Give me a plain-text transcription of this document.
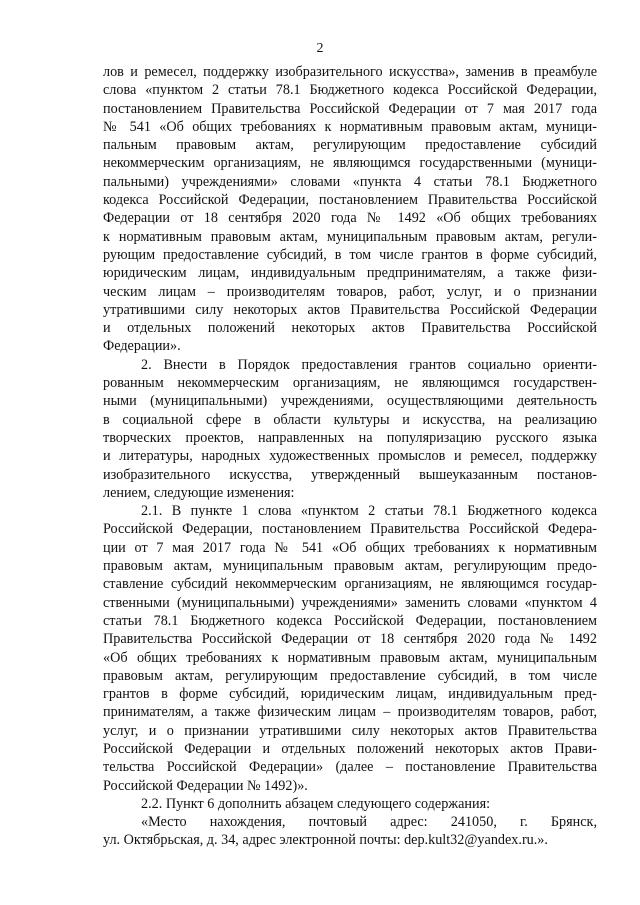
2
лов и ремесел, поддержку изобразительного искусства», заменив в преамбуле
слова «пунктом 2 статьи 78.1 Бюджетного кодекса Российской Федерации,
постановлением Правительства Российской Федерации от 7 мая 2017 года
№ 541 «Об общих требованиях к нормативным правовым актам, муници-
пальным правовым актам, регулирующим предоставление субсидий
некоммерческим организациям, не являющимся государственными (муници-
пальными) учреждениями» словами «пункта 4 статьи 78.1 Бюджетного
кодекса Российской Федерации, постановлением Правительства Российской
Федерации от 18 сентября 2020 года № 1492 «Об общих требованиях
к нормативным правовым актам, муниципальным правовым актам, регули-
рующим предоставление субсидий, в том числе грантов в форме субсидий,
юридическим лицам, индивидуальным предпринимателям, а также физи-
ческим лицам – производителям товаров, работ, услуг, и о признании
утратившими силу некоторых актов Правительства Российской Федерации
и отдельных положений некоторых актов Правительства Российской
Федерации».
2. Внести в Порядок предоставления грантов социально ориенти-
рованным некоммерческим организациям, не являющимся государствен-
ными (муниципальными) учреждениями, осуществляющими деятельность
в социальной сфере в области культуры и искусства, на реализацию
творческих проектов, направленных на популяризацию русского языка
и литературы, народных художественных промыслов и ремесел, поддержку
изобразительного искусства, утвержденный вышеуказанным постанов-
лением, следующие изменения:
2.1. В пункте 1 слова «пунктом 2 статьи 78.1 Бюджетного кодекса
Российской Федерации, постановлением Правительства Российской Федера-
ции от 7 мая 2017 года № 541 «Об общих требованиях к нормативным
правовым актам, муниципальным правовым актам, регулирующим предо-
ставление субсидий некоммерческим организациям, не являющимся государ-
ственными (муниципальными) учреждениями» заменить словами «пунктом 4
статьи 78.1 Бюджетного кодекса Российской Федерации, постановлением
Правительства Российской Федерации от 18 сентября 2020 года № 1492
«Об общих требованиях к нормативным правовым актам, муниципальным
правовым актам, регулирующим предоставление субсидий, в том числе
грантов в форме субсидий, юридическим лицам, индивидуальным пред-
принимателям, а также физическим лицам – производителям товаров, работ,
услуг, и о признании утратившими силу некоторых актов Правительства
Российской Федерации и отдельных положений некоторых актов Прави-
тельства Российской Федерации» (далее – постановление Правительства
Российской Федерации № 1492)».
2.2. Пункт 6 дополнить абзацем следующего содержания:
«Место нахождения, почтовый адрес: 241050, г. Брянск,
ул. Октябрьская, д. 34, адрес электронной почты: dep.kult32@yandex.ru.».
